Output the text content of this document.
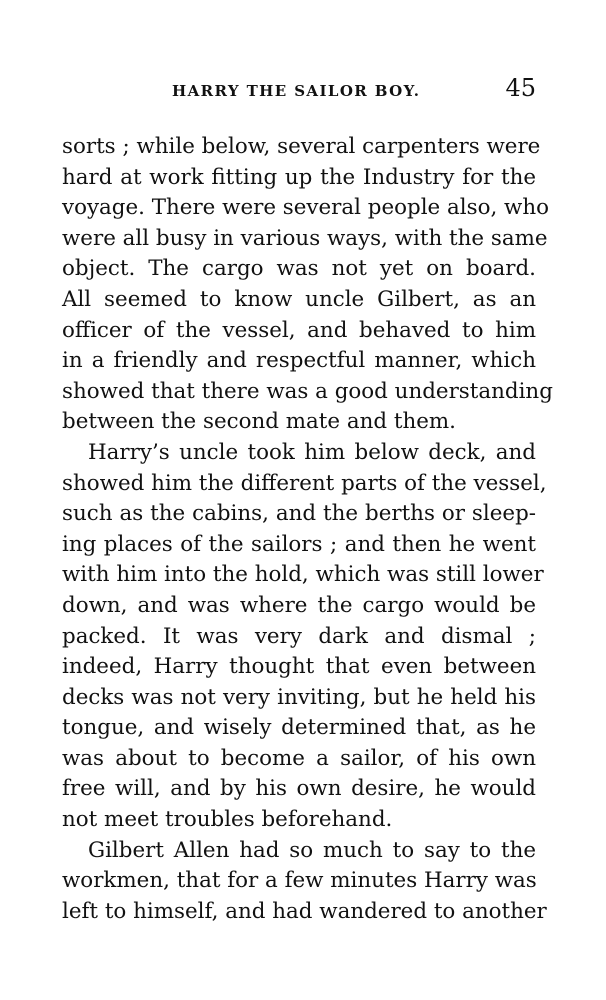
HARRY THE SAILOR BOY.	45
sorts ; while below, several carpenters were
hard at work fitting up the Industry for the
voyage. There were several people also, who
were all busy in various ways, with the same
object. The cargo was not yet on board.
All seemed to know uncle Gilbert, as an
officer of the vessel, and behaved to him
in a friendly and respectful manner, which
showed that there was a good understanding
between the second mate and them.
Harry’s uncle took him below deck, and
showed him the different parts of the vessel,
such as the cabins, and the berths or sleep-
ing places of the sailors ; and then he went
with him into the hold, which was still lower
down, and was where the cargo would be
packed. It was very dark and dismal ;
indeed, Harry thought that even between
decks was not very inviting, but he held his
tongue, and wisely determined that, as he
was about to become a sailor, of his own
free will, and by his own desire, he would
not meet troubles beforehand.
Gilbert Allen had so much to say to the
workmen, that for a few minutes Harry was
left to himself, and had wandered to another
